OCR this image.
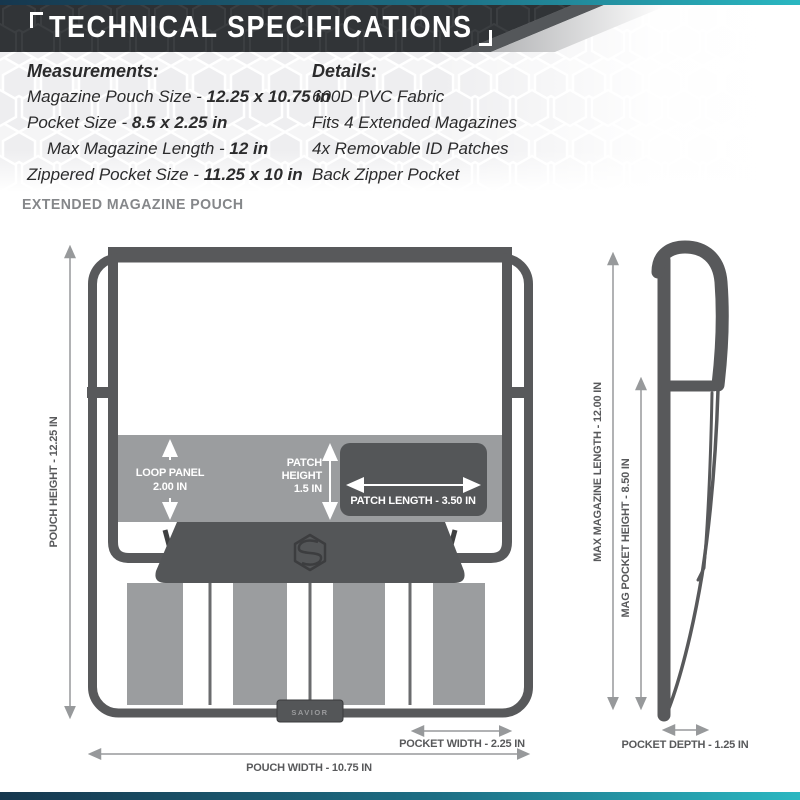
TECHNICAL SPECIFICATIONS
Measurements:
Magazine Pouch Size - 12.25 x 10.75 in
Pocket Size - 8.5 x 2.25 in
Max Magazine Length - 12 in
Zippered Pocket Size - 11.25 x 10 in
Details:
600D PVC Fabric
Fits 4 Extended Magazines
4x Removable ID Patches
Back Zipper Pocket
EXTENDED MAGAZINE POUCH
LOOP PANEL
2.00 IN
PATCH
HEIGHT
1.5 IN
PATCH LENGTH - 3.50 IN
SAVIOR
POUCH HEIGHT - 12.25 IN
POCKET WIDTH - 2.25 IN
POUCH WIDTH - 10.75 IN
MAX MAGAZINE LENGTH - 12.00 IN MAG POCKET HEIGHT - 8.50 IN
POCKET DEPTH - 1.25 IN
